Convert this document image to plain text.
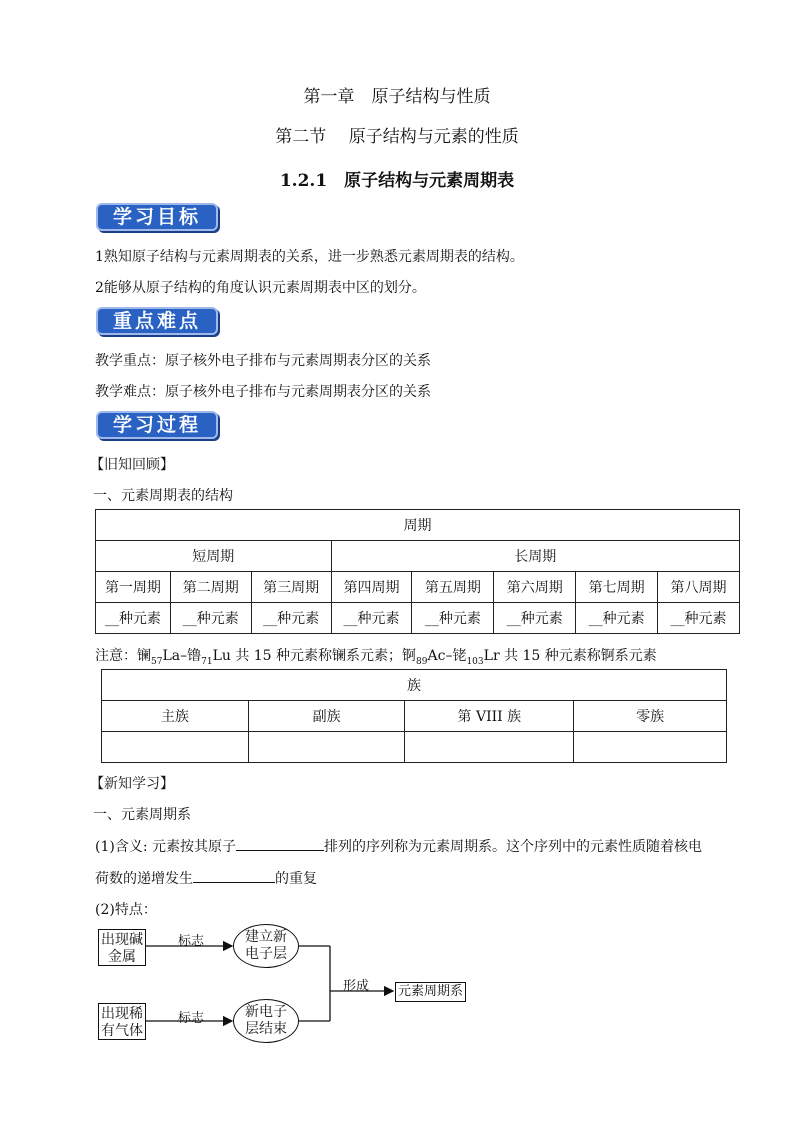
第一章　原子结构与性质
第二节　 原子结构与元素的性质
1.2.1　原子结构与元素周期表
学习目标
1熟知原子结构与元素周期表的关系，进一步熟悉元素周期表的结构。
2能够从原子结构的角度认识元素周期表中区的划分。
重点难点
教学重点：原子核外电子排布与元素周期表分区的关系
教学难点：原子核外电子排布与元素周期表分区的关系
学习过程
【旧知回顾】
一、元素周期表的结构
周期							
短周期			长周期				
第一周期	第二周期	第三周期	第四周期	第五周期	第六周期	第七周期	第八周期
__种元素	__种元素	__种元素	__种元素	__种元素	__种元素	__种元素	__种元素
注意：镧$_{57}$La–镥$_{71}$Lu 共 15 种元素称镧系元素；锕$_{89}$Ac–铑$_{103}$Lr 共 15 种元素称锕系元素
族			
主族	副族	第 VIII 族	零族

【新知学习】
一、元素周期系
(1)含义: 元素按其原子	排列的序列称为元素周期系。这个序列中的元素性质随着核电
荷数的递增发生	的重复
(2)特点：
出现碱
金属
出现稀
有气体
标志
标志
建立新
电子层
新电子
层结束
形成 元素周期系
